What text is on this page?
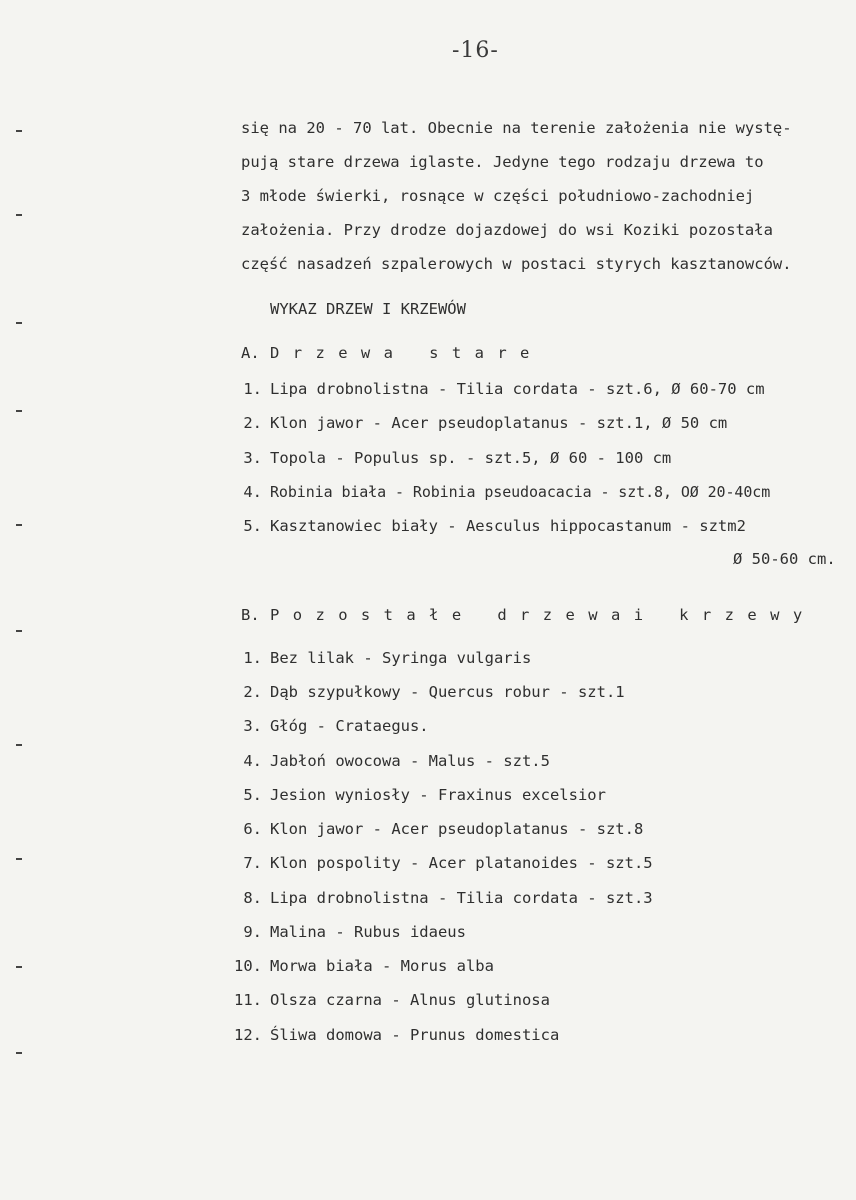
-16-
się na 20 - 70 lat. Obecnie na terenie założenia nie wystę-
pują stare drzewa iglaste. Jedyne tego rodzaju drzewa to
3 młode świerki, rosnące w części południowo-zachodniej
założenia. Przy drodze dojazdowej do wsi Koziki pozostała
część nasadzeń szpalerowych w postaci styrych kasztanowców.
WYKAZ DRZEW I KRZEWÓW
A. Drzewa stare
1. Lipa drobnolistna - Tilia cordata - szt.6, Ø 60-70 cm
2. Klon jawor - Acer pseudoplatanus - szt.1, Ø 50 cm
3. Topola - Populus sp. - szt.5, Ø 60 - 100 cm
4. Robinia biała - Robinia pseudoacacia - szt.8, OØ 20-40cm
5. Kasztanowiec biały - Aesculus hippocastanum - sztm2
Ø 50-60 cm.
B. Pozostałe drzewai krzewy
1. Bez lilak - Syringa vulgaris
2. Dąb szypułkowy - Quercus robur - szt.1
3. Głóg - Crataegus.
4. Jabłoń owocowa - Malus - szt.5
5. Jesion wyniosły - Fraxinus excelsior
6. Klon jawor - Acer pseudoplatanus - szt.8
7. Klon pospolity - Acer platanoides - szt.5
8. Lipa drobnolistna - Tilia cordata - szt.3
9. Malina - Rubus idaeus
10. Morwa biała - Morus alba
11. Olsza czarna - Alnus glutinosa
12. Śliwa domowa - Prunus domestica
